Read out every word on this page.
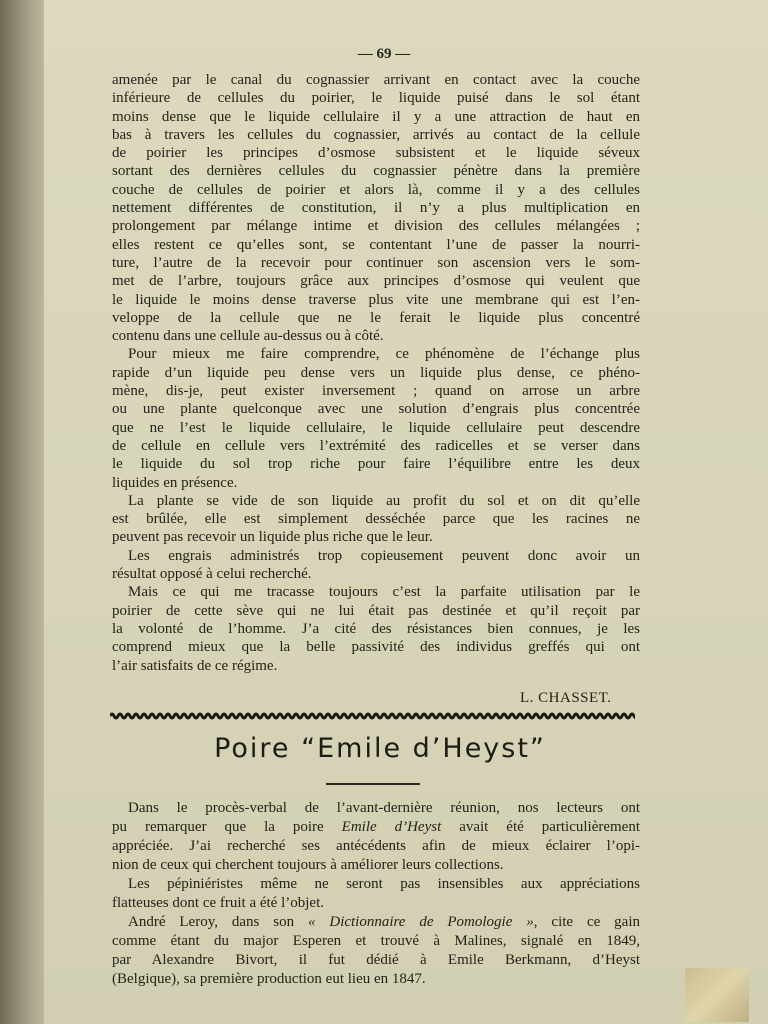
— 69 —
amenée par le canal du cognassier arrivant en contact avec la couche
inférieure de cellules du poirier, le liquide puisé dans le sol étant
moins dense que le liquide cellulaire il y a une attraction de haut en
bas à travers les cellules du cognassier, arrivés au contact de la cellule
de poirier les principes d’osmose subsistent et le liquide séveux
sortant des dernières cellules du cognassier pénètre dans la première
couche de cellules de poirier et alors là, comme il y a des cellules
nettement différentes de constitution, il n’y a plus multiplication en
prolongement par mélange intime et division des cellules mélangées ;
elles restent ce qu’elles sont, se contentant l’une de passer la nourri-
ture, l’autre de la recevoir pour continuer son ascension vers le som-
met de l’arbre, toujours grâce aux principes d’osmose qui veulent que
le liquide le moins dense traverse plus vite une membrane qui est l’en-
veloppe de la cellule que ne le ferait le liquide plus concentré
contenu dans une cellule au-dessus ou à côté.
Pour mieux me faire comprendre, ce phénomène de l’échange plus
rapide d’un liquide peu dense vers un liquide plus dense, ce phéno-
mène, dis-je, peut exister inversement ; quand on arrose un arbre
ou une plante quelconque avec une solution d’engrais plus concentrée
que ne l’est le liquide cellulaire, le liquide cellulaire peut descendre
de cellule en cellule vers l’extrémité des radicelles et se verser dans
le liquide du sol trop riche pour faire l’équilibre entre les deux
liquides en présence.
La plante se vide de son liquide au profit du sol et on dit qu’elle
est brûlée, elle est simplement desséchée parce que les racines ne
peuvent pas recevoir un liquide plus riche que le leur.
Les engrais administrés trop copieusement peuvent donc avoir un
résultat opposé à celui recherché.
Mais ce qui me tracasse toujours c’est la parfaite utilisation par le
poirier de cette sève qui ne lui était pas destinée et qu’il reçoit par
la volonté de l’homme. J’a cité des résistances bien connues, je les
comprend mieux que la belle passivité des individus greffés qui ont
l’air satisfaits de ce régime.
L. CHASSET.
Poire “Emile d’Heyst”
Dans le procès-verbal de l’avant-dernière réunion, nos lecteurs ont
pu remarquer que la poire Emile d’Heyst avait été particulièrement
appréciée. J’ai recherché ses antécédents afin de mieux éclairer l’opi-
nion de ceux qui cherchent toujours à améliorer leurs collections.
Les pépiniéristes même ne seront pas insensibles aux appréciations
flatteuses dont ce fruit a été l’objet.
André Leroy, dans son « Dictionnaire de Pomologie », cite ce gain
comme étant du major Esperen et trouvé à Malines, signalé en 1849,
par Alexandre Bivort, il fut dédié à Emile Berkmann, d’Heyst
(Belgique), sa première production eut lieu en 1847.
